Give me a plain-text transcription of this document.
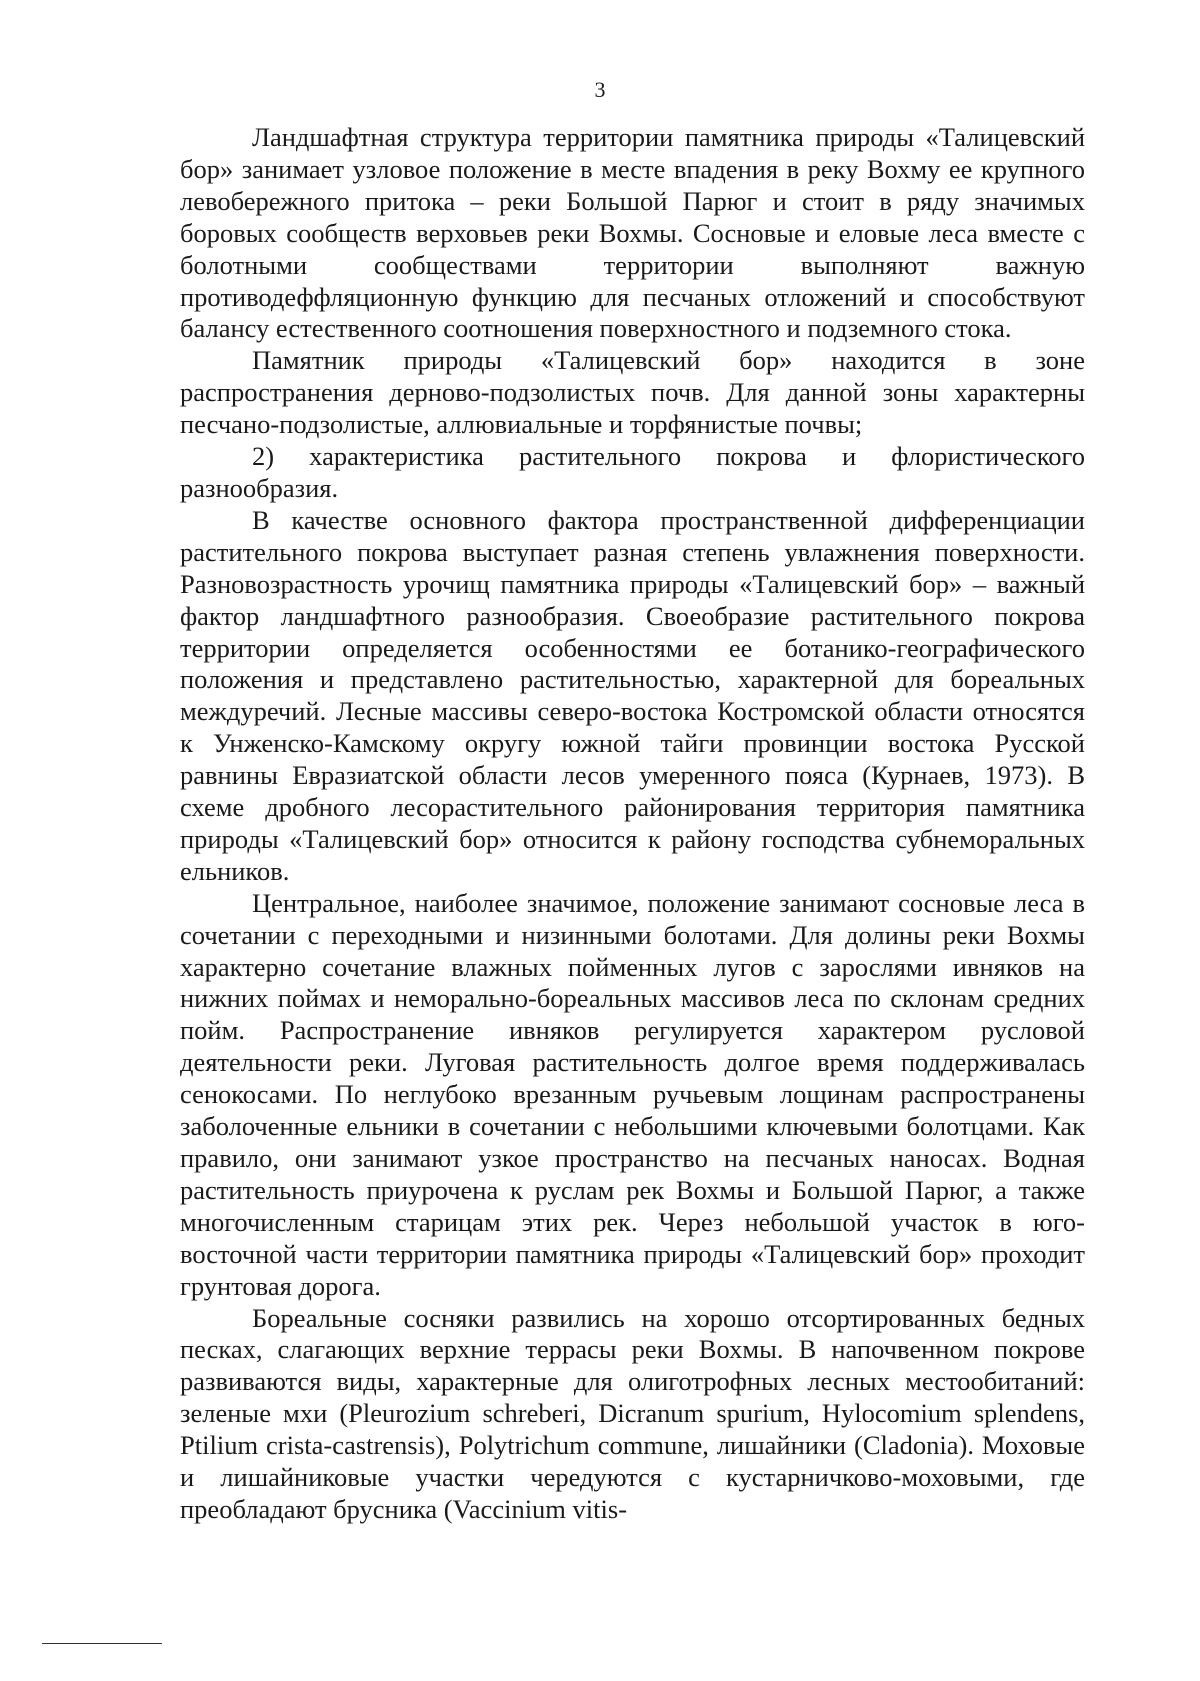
3

Ландшафтная структура территории памятника природы «Талицевский бор» занимает узловое положение в месте впадения в реку Вохму ее крупного левобережного притока – реки Большой Парюг и стоит в ряду значимых боровых сообществ верховьев реки Вохмы. Сосновые и еловые леса вместе с болотными сообществами территории выполняют важную противодеффляционную функцию для песчаных отложений и способствуют балансу естественного соотношения поверхностного и подземного стока.

Памятник природы «Талицевский бор» находится в зоне распространения дерново-подзолистых почв. Для данной зоны характерны песчано-подзолистые, аллювиальные и торфянистые почвы;

2) характеристика растительного покрова и флористического разнообразия.

В качестве основного фактора пространственной дифференциации растительного покрова выступает разная степень увлажнения поверхности. Разновозрастность урочищ памятника природы «Талицевский бор» – важный фактор ландшафтного разнообразия. Своеобразие растительного покрова территории определяется особенностями ее ботанико-географического положения и представлено растительностью, характерной для бореальных междуречий. Лесные массивы северо-востока Костромской области относятся к Унженско-Камскому округу южной тайги провинции востока Русской равнины Евразиатской области лесов умеренного пояса (Курнаев, 1973). В схеме дробного лесорастительного районирования территория памятника природы «Талицевский бор» относится к району господства субнеморальных ельников.

Центральное, наиболее значимое, положение занимают сосновые леса в сочетании с переходными и низинными болотами. Для долины реки Вохмы характерно сочетание влажных пойменных лугов с зарослями ивняков на нижних поймах и неморально-бореальных массивов леса по склонам средних пойм. Распространение ивняков регулируется характером русловой деятельности реки. Луговая растительность долгое время поддерживалась сенокосами. По неглубоко врезанным ручьевым лощинам распространены заболоченные ельники в сочетании с небольшими ключевыми болотцами. Как правило, они занимают узкое пространство на песчаных наносах. Водная растительность приурочена к руслам рек Вохмы и Большой Парюг, а также многочисленным старицам этих рек. Через небольшой участок в юго-восточной части территории памятника природы «Талицевский бор» проходит грунтовая дорога.

Бореальные сосняки развились на хорошо отсортированных бедных песках, слагающих верхние террасы реки Вохмы. В напочвенном покрове развиваются виды, характерные для олиготрофных лесных местообитаний: зеленые мхи (Pleurozium schreberi, Dicranum spurium, Hylocomium splendens, Ptilium crista-castrensis), Polytrichum commune, лишайники (Cladonia). Моховые и лишайниковые участки чередуются с кустарничково-моховыми, где преобладают брусника (Vaccinium vitis-
